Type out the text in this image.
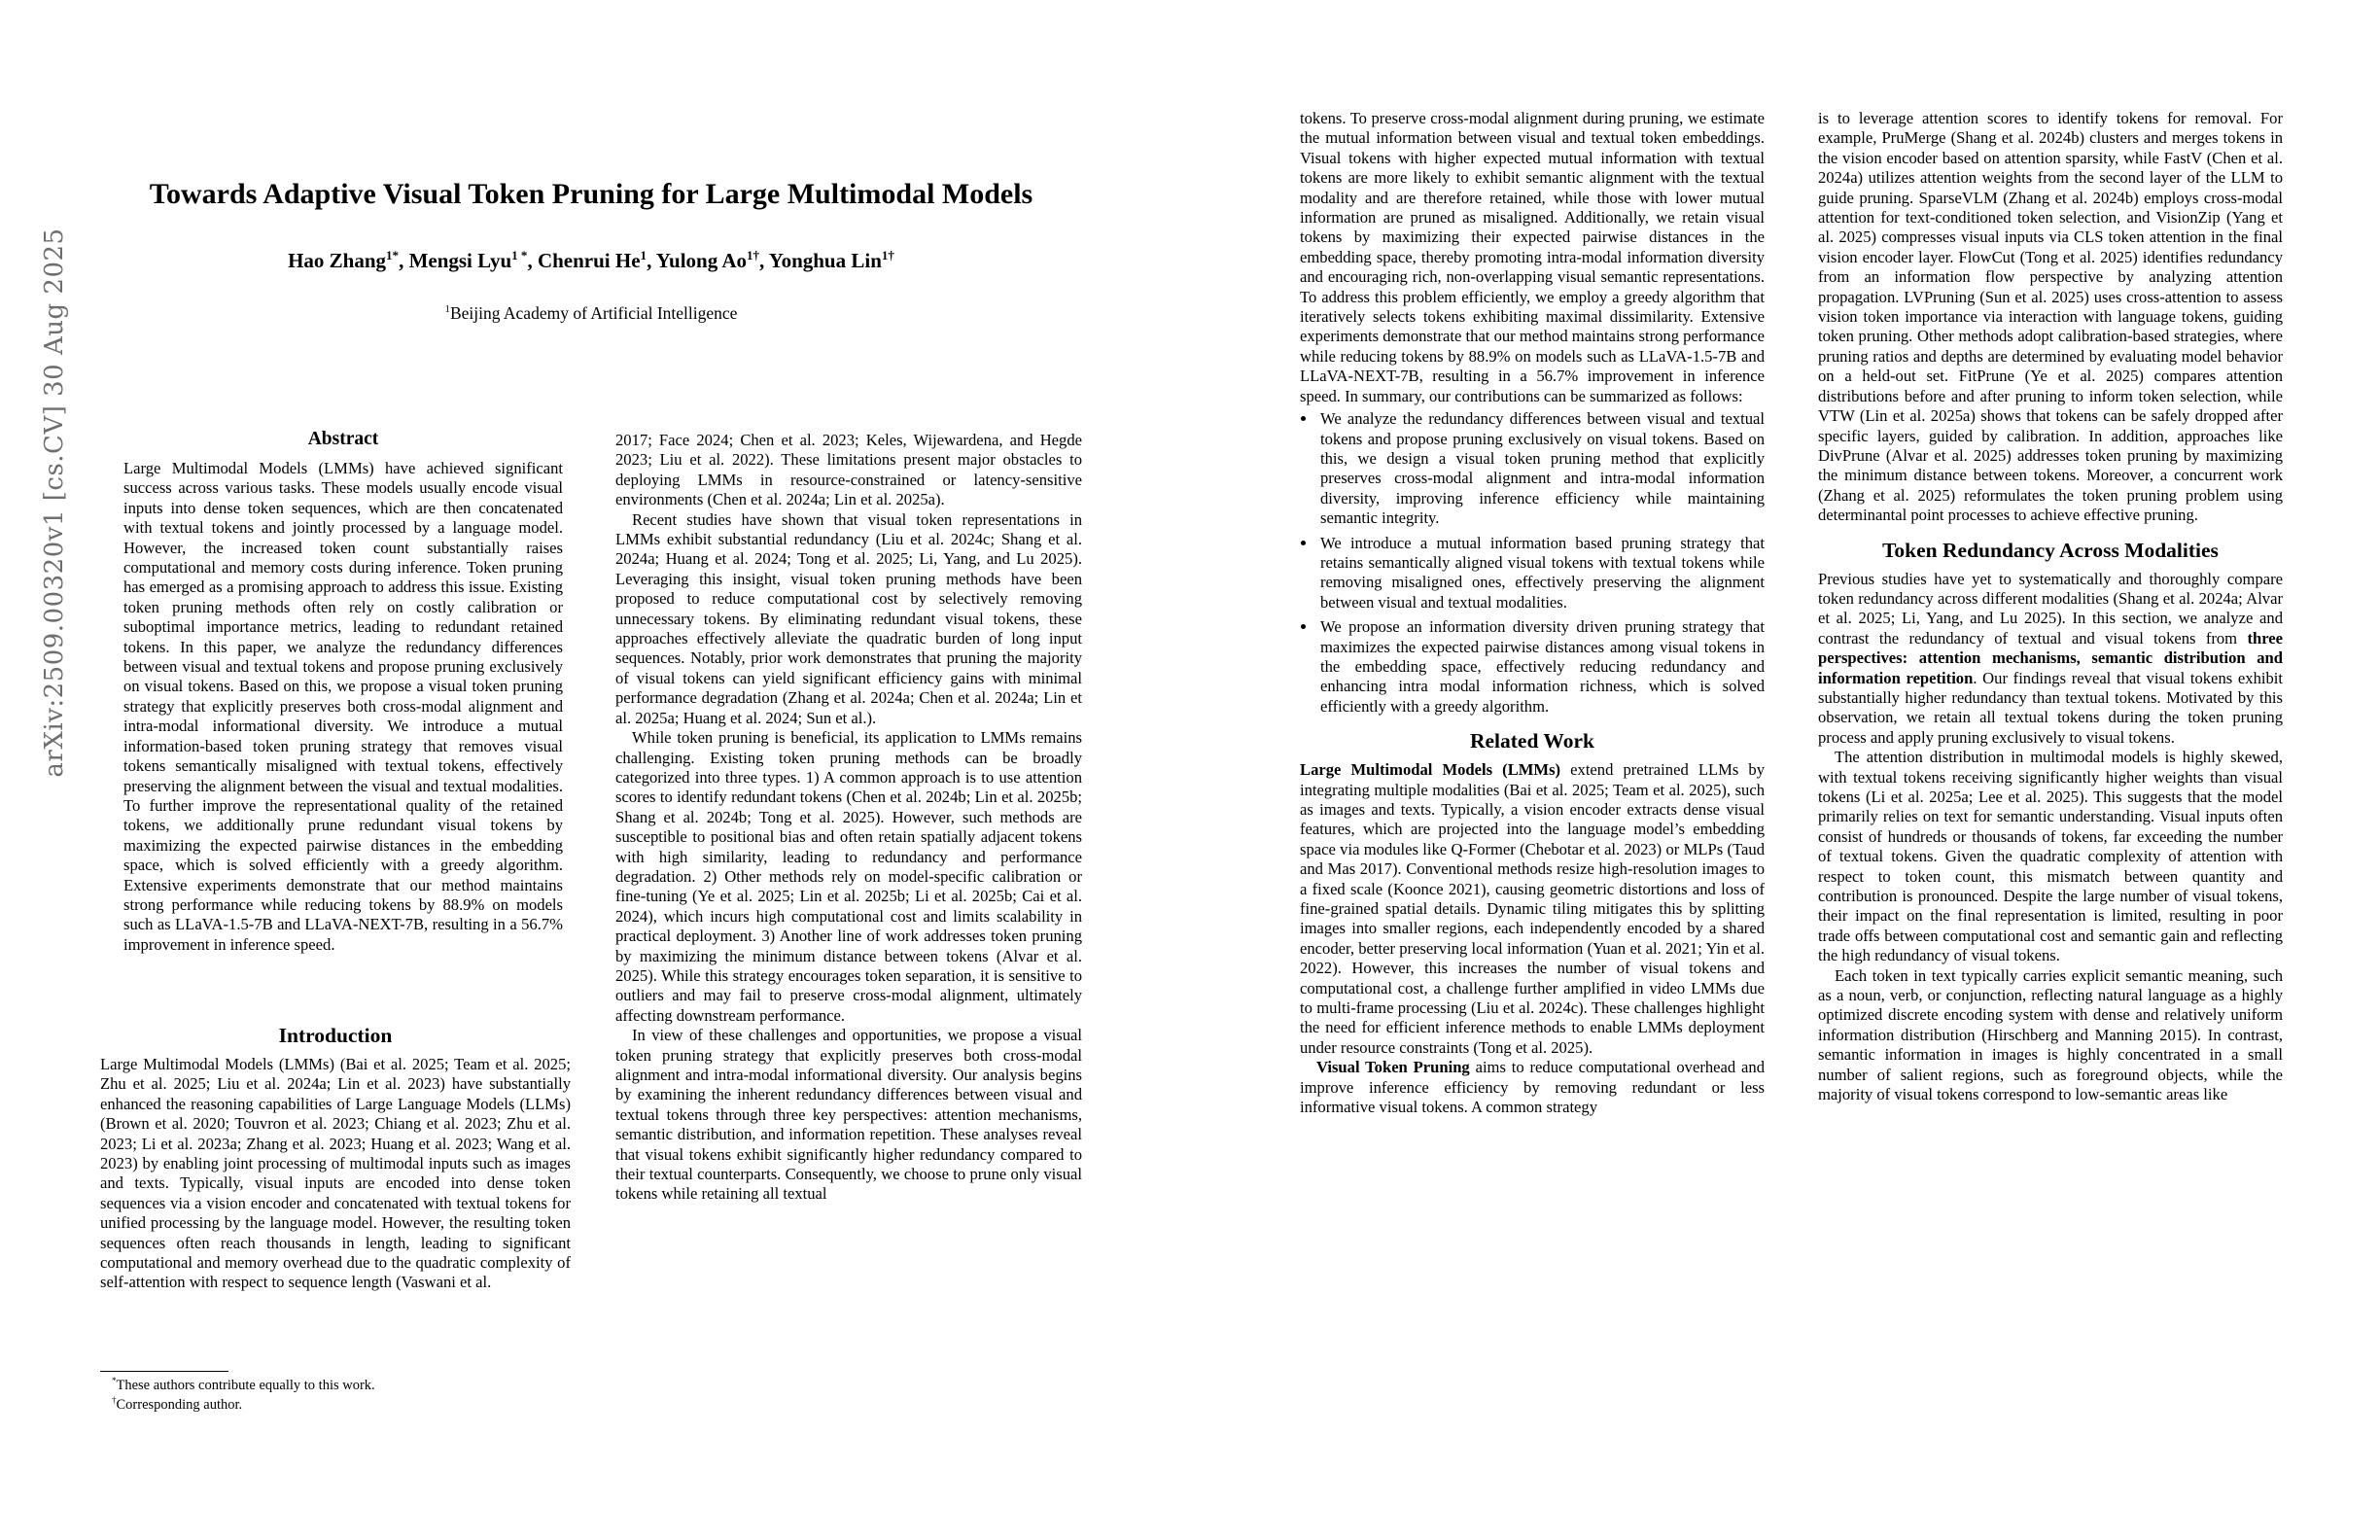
arXiv:2509.00320v1 [cs.CV] 30 Aug 2025
Towards Adaptive Visual Token Pruning for Large Multimodal Models
Hao Zhang$^{1*}$, Mengsi Lyu$^{1 *}$, Chenrui He$^1$, Yulong $Ao^{1\dagger}$, Yonghua Lin$^{1\dagger}$
$^1$Beijing Academy of Artificial Intelligence
Abstract

Large Multimodal Models (LMMs) have achieved significant success across various tasks. These models usually encode visual inputs into dense token sequences, which are then concatenated with textual tokens and jointly processed by a language model. However, the increased token count substantially raises computational and memory costs during inference. Token pruning has emerged as a promising approach to address this issue. Existing token pruning methods often rely on costly calibration or suboptimal importance metrics, leading to redundant retained tokens. In this paper, we analyze the redundancy differences between visual and textual tokens and propose pruning exclusively on visual tokens. Based on this, we propose a visual token pruning strategy that explicitly preserves both cross-modal alignment and intra-modal informational diversity. We introduce a mutual information-based token pruning strategy that removes visual tokens semantically misaligned with textual tokens, effectively preserving the alignment between the visual and textual modalities. To further improve the representational quality of the retained tokens, we additionally prune redundant visual tokens by maximizing the expected pairwise distances in the embedding space, which is solved efficiently with a greedy algorithm. Extensive experiments demonstrate that our method maintains strong performance while reducing tokens by 88.9% on models such as LLaVA-1.5-7B and LLaVA-NEXT-7B, resulting in a 56.7% improvement in inference speed.

Introduction

Large Multimodal Models (LMMs) (Bai et al. 2025; Team et al. 2025; Zhu et al. 2025; Liu et al. 2024a; Lin et al. 2023) have substantially enhanced the reasoning capabilities of Large Language Models (LLMs) (Brown et al. 2020; Touvron et al. 2023; Chiang et al. 2023; Zhu et al. 2023; Li et al. 2023a; Zhang et al. 2023; Huang et al. 2023; Wang et al. 2023) by enabling joint processing of multimodal inputs such as images and texts. Typically, visual inputs are encoded into dense token sequences via a vision encoder and concatenated with textual tokens for unified processing by the language model. However, the resulting token sequences often reach thousands in length, leading to significant computational and memory overhead due to the quadratic complexity of self-attention with respect to sequence length (Vaswani et al.

*These authors contribute equally to this work.

†Corresponding author.

2017; Face 2024; Chen et al. 2023; Keles, Wijewardena, and Hegde 2023; Liu et al. 2022). These limitations present major obstacles to deploying LMMs in resource-constrained or latency-sensitive environments (Chen et al. 2024a; Lin et al. 2025a).

Recent studies have shown that visual token representations in LMMs exhibit substantial redundancy (Liu et al. 2024c; Shang et al. 2024a; Huang et al. 2024; Tong et al. 2025; Li, Yang, and Lu 2025). Leveraging this insight, visual token pruning methods have been proposed to reduce computational cost by selectively removing unnecessary tokens. By eliminating redundant visual tokens, these approaches effectively alleviate the quadratic burden of long input sequences. Notably, prior work demonstrates that pruning the majority of visual tokens can yield significant efficiency gains with minimal performance degradation (Zhang et al. 2024a; Chen et al. 2024a; Lin et al. 2025a; Huang et al. 2024; Sun et al.).

While token pruning is beneficial, its application to LMMs remains challenging. Existing token pruning methods can be broadly categorized into three types. 1) A common approach is to use attention scores to identify redundant tokens (Chen et al. 2024b; Lin et al. 2025b; Shang et al. 2024b; Tong et al. 2025). However, such methods are susceptible to positional bias and often retain spatially adjacent tokens with high similarity, leading to redundancy and performance degradation. 2) Other methods rely on model-specific calibration or fine-tuning (Ye et al. 2025; Lin et al. 2025b; Li et al. 2025b; Cai et al. 2024), which incurs high computational cost and limits scalability in practical deployment. 3) Another line of work addresses token pruning by maximizing the minimum distance between tokens (Alvar et al. 2025). While this strategy encourages token separation, it is sensitive to outliers and may fail to preserve cross-modal alignment, ultimately affecting downstream performance.

In view of these challenges and opportunities, we propose a visual token pruning strategy that explicitly preserves both cross-modal alignment and intra-modal informational diversity. Our analysis begins by examining the inherent redundancy differences between visual and textual tokens through three key perspectives: attention mechanisms, semantic distribution, and information repetition. These analyses reveal that visual tokens exhibit significantly higher redundancy compared to their textual counterparts. Consequently, we choose to prune only visual tokens while retaining all textual

tokens. To preserve cross-modal alignment during pruning, we estimate the mutual information between visual and textual token embeddings. Visual tokens with higher expected mutual information with textual tokens are more likely to exhibit semantic alignment with the textual modality and are therefore retained, while those with lower mutual information are pruned as misaligned. Additionally, we retain visual tokens by maximizing their expected pairwise distances in the embedding space, thereby promoting intra-modal information diversity and encouraging rich, non-overlapping visual semantic representations. To address this problem efficiently, we employ a greedy algorithm that iteratively selects tokens exhibiting maximal dissimilarity. Extensive experiments demonstrate that our method maintains strong performance while reducing tokens by 88.9% on models such as LLaVA-1.5-7B and LLaVA-NEXT-7B, resulting in a 56.7% improvement in inference speed. In summary, our contributions can be summarized as follows:

• We analyze the redundancy differences between visual and textual tokens and propose pruning exclusively on visual tokens. Based on this, we design a visual token pruning method that explicitly preserves cross-modal alignment and intra-modal information diversity, improving inference efficiency while maintaining semantic integrity.
• We introduce a mutual information based pruning strategy that retains semantically aligned visual tokens with textual tokens while removing misaligned ones, effectively preserving the alignment between visual and textual modalities.
• We propose an information diversity driven pruning strategy that maximizes the expected pairwise distances among visual tokens in the embedding space, effectively reducing redundancy and enhancing intra modal information richness, which is solved efficiently with a greedy algorithm.
Related Work

Large Multimodal Models (LMMs) extend pretrained LLMs by integrating multiple modalities (Bai et al. 2025; Team et al. 2025), such as images and texts. Typically, a vision encoder extracts dense visual features, which are projected into the language model’s embedding space via modules like Q-Former (Chebotar et al. 2023) or MLPs (Taud and Mas 2017). Conventional methods resize high-resolution images to a fixed scale (Koonce 2021), causing geometric distortions and loss of fine-grained spatial details. Dynamic tiling mitigates this by splitting images into smaller regions, each independently encoded by a shared encoder, better preserving local information (Yuan et al. 2021; Yin et al. 2022). However, this increases the number of visual tokens and computational cost, a challenge further amplified in video LMMs due to multi-frame processing (Liu et al. 2024c). These challenges highlight the need for efficient inference methods to enable LMMs deployment under resource constraints (Tong et al. 2025).

Visual Token Pruning aims to reduce computational overhead and improve inference efficiency by removing redundant or less informative visual tokens. A common strategy

is to leverage attention scores to identify tokens for removal. For example, PruMerge (Shang et al. 2024b) clusters and merges tokens in the vision encoder based on attention sparsity, while FastV (Chen et al. 2024a) utilizes attention weights from the second layer of the LLM to guide pruning. SparseVLM (Zhang et al. 2024b) employs cross-modal attention for text-conditioned token selection, and VisionZip (Yang et al. 2025) compresses visual inputs via CLS token attention in the final vision encoder layer. FlowCut (Tong et al. 2025) identifies redundancy from an information flow perspective by analyzing attention propagation. LVPruning (Sun et al. 2025) uses cross-attention to assess vision token importance via interaction with language tokens, guiding token pruning. Other methods adopt calibration-based strategies, where pruning ratios and depths are determined by evaluating model behavior on a held-out set. FitPrune (Ye et al. 2025) compares attention distributions before and after pruning to inform token selection, while VTW (Lin et al. 2025a) shows that tokens can be safely dropped after specific layers, guided by calibration. In addition, approaches like DivPrune (Alvar et al. 2025) addresses token pruning by maximizing the minimum distance between tokens. Moreover, a concurrent work (Zhang et al. 2025) reformulates the token pruning problem using determinantal point processes to achieve effective pruning.

Token Redundancy Across Modalities

Previous studies have yet to systematically and thoroughly compare token redundancy across different modalities (Shang et al. 2024a; Alvar et al. 2025; Li, Yang, and Lu 2025). In this section, we analyze and contrast the redundancy of textual and visual tokens from three perspectives: attention mechanisms, semantic distribution and information repetition. Our findings reveal that visual tokens exhibit substantially higher redundancy than textual tokens. Motivated by this observation, we retain all textual tokens during the token pruning process and apply pruning exclusively to visual tokens.

The attention distribution in multimodal models is highly skewed, with textual tokens receiving significantly higher weights than visual tokens (Li et al. 2025a; Lee et al. 2025). This suggests that the model primarily relies on text for semantic understanding. Visual inputs often consist of hundreds or thousands of tokens, far exceeding the number of textual tokens. Given the quadratic complexity of attention with respect to token count, this mismatch between quantity and contribution is pronounced. Despite the large number of visual tokens, their impact on the final representation is limited, resulting in poor trade offs between computational cost and semantic gain and reflecting the high redundancy of visual tokens.

Each token in text typically carries explicit semantic meaning, such as a noun, verb, or conjunction, reflecting natural language as a highly optimized discrete encoding system with dense and relatively uniform information distribution (Hirschberg and Manning 2015). In contrast, semantic information in images is highly concentrated in a small number of salient regions, such as foreground objects, while the majority of visual tokens correspond to low-semantic areas like
